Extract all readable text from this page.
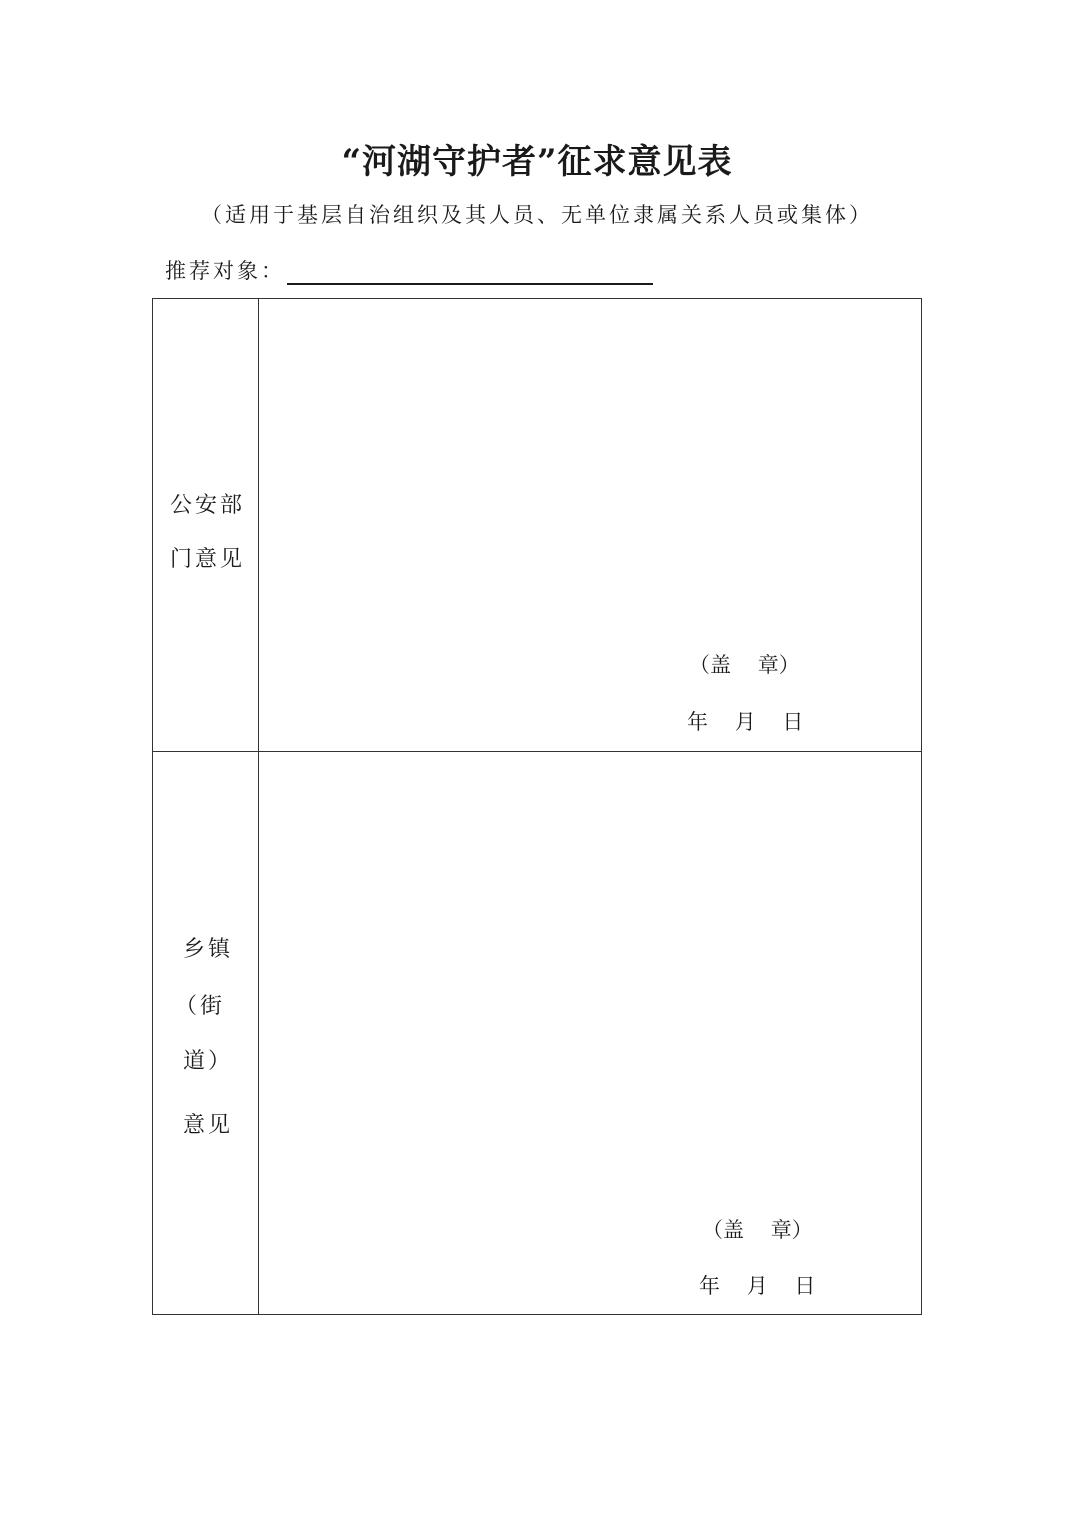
“河湖守护者”征求意见表

（适用于基层自治组织及其人员、无单位隶属关系人员或集体）

推荐对象：
公安部
门意见
（盖    章）
年    月    日
乡镇
（街
道）
意见
（盖    章）
年    月    日
